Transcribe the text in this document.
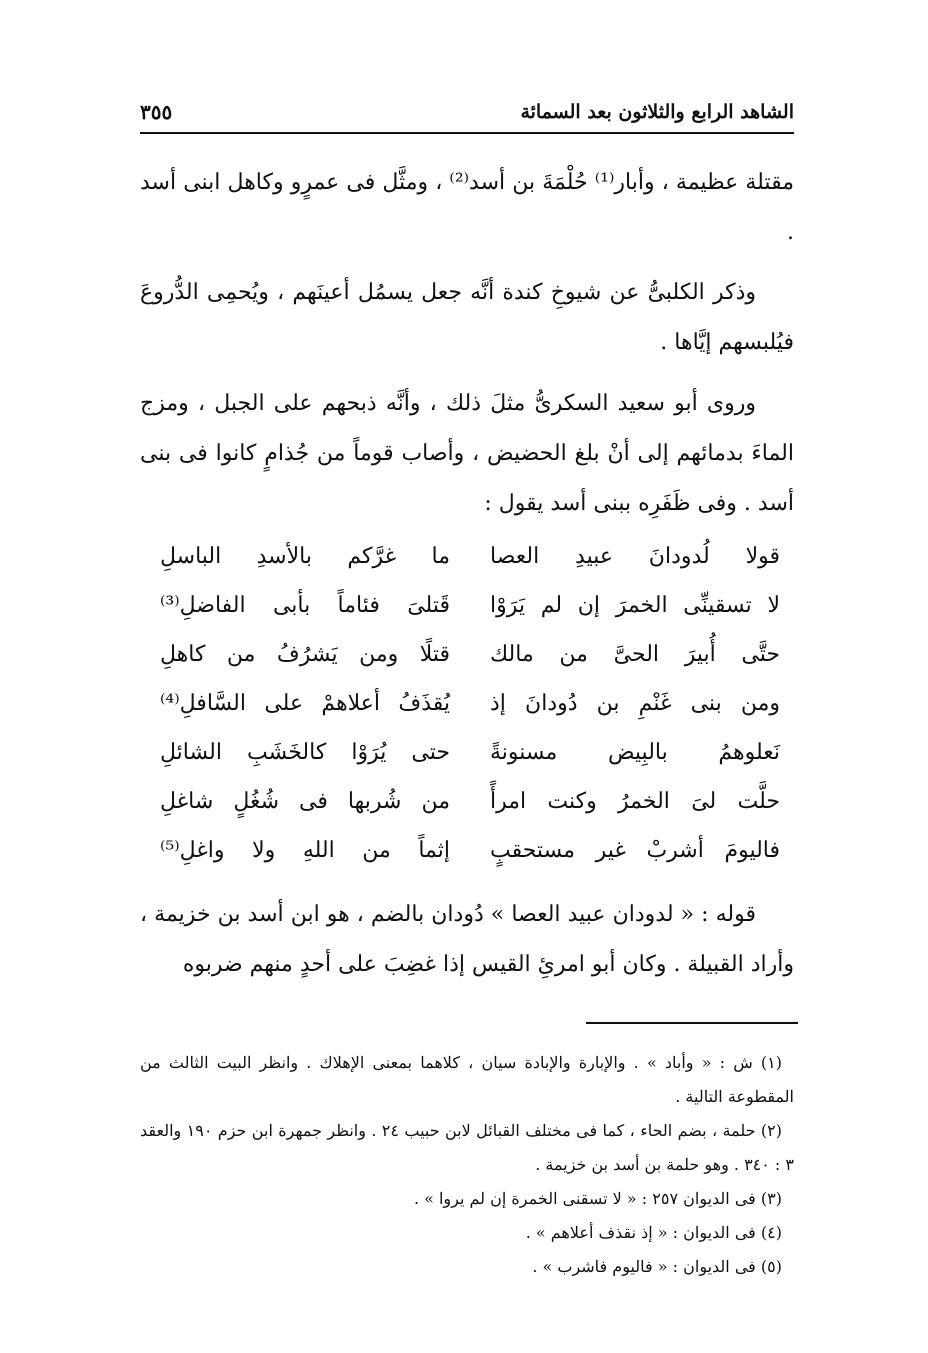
الشاهد الرابع والثلاثون بعد السمائة
٣٥٥

مقتلة عظيمة ، وأبار⁽¹⁾ حُلْمَةَ بن أسد⁽²⁾ ، ومثَّل فى عمرٍو وكاهل ابنى أسد .

وذكر الكلبىُّ عن شيوخِ كندة أنَّه جعل يسمُل أعينَهم ، ويُحمِى الدُّروعَ فيُلبسهم إيَّاها .

وروى أبو سعيد السكرىُّ مثلَ ذلك ، وأنَّه ذبحهم على الجبل ، ومزج الماءَ بدمائهم إلى أنْ بلغ الحضيض ، وأصاب قوماً من جُذامٍ كانوا فى بنى أسد . وفى ظَفَرِه ببنى أسد يقول :

قولا لُدودانَ عبيدِ العصا
ما غرَّكم بالأسدِ الباسلِ
لا تسقينِّى الخمرَ إن لم يَرَوْا
قَتلىَ فئاماً بأبى الفاضلِ⁽³⁾
حتَّى أُبيرَ الحىَّ من مالك
قتلًا ومن يَشرُفُ من كاهلِ
ومن بنى غَنْمِ بن دُودانَ إذ
يُقذَفُ أعلاهمْ على السَّافلِ⁽⁴⁾
نَعلوهمُ بالبِيض مسنونةً
حتى يُرَوْا كالخَشَبِ الشائلِ
حلَّت لىَ الخمرُ وكنت امرأً
من شُربها فى شُغُلٍ شاغلِ
فاليومَ أشربْ غير مستحقبٍ
إثماً من اللهِ ولا واغلِ⁽⁵⁾

قوله : « لدودان عبيد العصا » دُودان بالضم ، هو ابن أسد بن خزيمة ، وأراد القبيلة . وكان أبو امرئِ القيس إذا غضِبَ على أحدٍ منهم ضربوه

(١) ش : « وأباد » . والإبارة والإبادة سيان ، كلاهما بمعنى الإهلاك . وانظر البيت الثالث من المقطوعة التالية .

(٢) حلمة ، بضم الحاء ، كما فى مختلف القبائل لابن حبيب ٢٤ . وانظر جمهرة ابن حزم ١٩٠ والعقد ٣ : ٣٤٠ . وهو حلمة بن أسد بن خزيمة .

(٣) فى الديوان ٢٥٧ : « لا تسقنى الخمرة إن لم يروا » .

(٤) فى الديوان : « إذ نقذف أعلاهم » .

(٥) فى الديوان : « فاليوم فاشرب » .
